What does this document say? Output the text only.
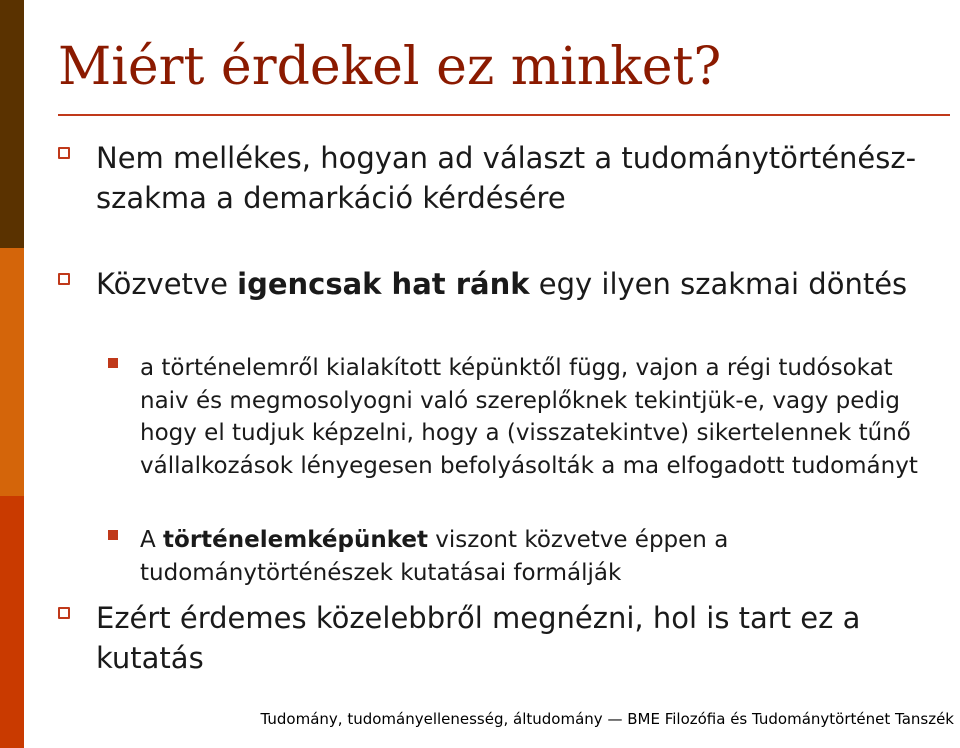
Miért érdekel ez minket?
Nem mellékes, hogyan ad választ a tudománytörténész-szakma a demarkáció kérdésére
Közvetve igencsak hat ránk egy ilyen szakmai döntés
a történelemről kialakított képünktől függ, vajon a régi tudósokat naiv és megmosolyogni való szereplőknek tekintjük-e, vagy pedig hogy el tudjuk képzelni, hogy a (visszatekintve) sikertelennek tűnő vállalkozások lényegesen befolyásolták a ma elfogadott tudományt
A történelemképünket viszont közvetve éppen a tudománytörténészek kutatásai formálják
Ezért érdemes közelebbről megnézni, hol is tart ez a kutatás
Tudomány, tudományellenesség, áltudomány — BME Filozófia és Tudománytörténet Tanszék
